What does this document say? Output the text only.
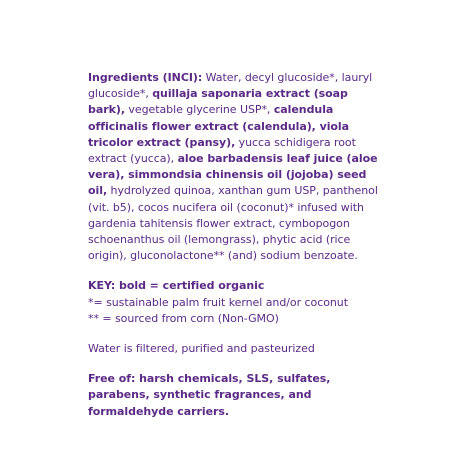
Ingredients (INCI): Water, decyl glucoside*, lauryl glucoside*, quillaja saponaria extract (soap bark), vegetable glycerine USP*, calendula officinalis flower extract (calendula), viola tricolor extract (pansy), yucca schidigera root extract (yucca), aloe barbadensis leaf juice (aloe vera), simmondsia chinensis oil (jojoba) seed oil, hydrolyzed quinoa, xanthan gum USP, panthenol (vit. b5), cocos nucifera oil (coconut)* infused with gardenia tahitensis flower extract, cymbopogon schoenanthus oil (lemongrass), phytic acid (rice origin), gluconolactone** (and) sodium benzoate.

KEY: bold = certified organic

*= sustainable palm fruit kernel and/or coconut

** = sourced from corn (Non-GMO)

Water is filtered, purified and pasteurized

Free of: harsh chemicals, SLS, sulfates, parabens, synthetic fragrances, and formaldehyde carriers.
